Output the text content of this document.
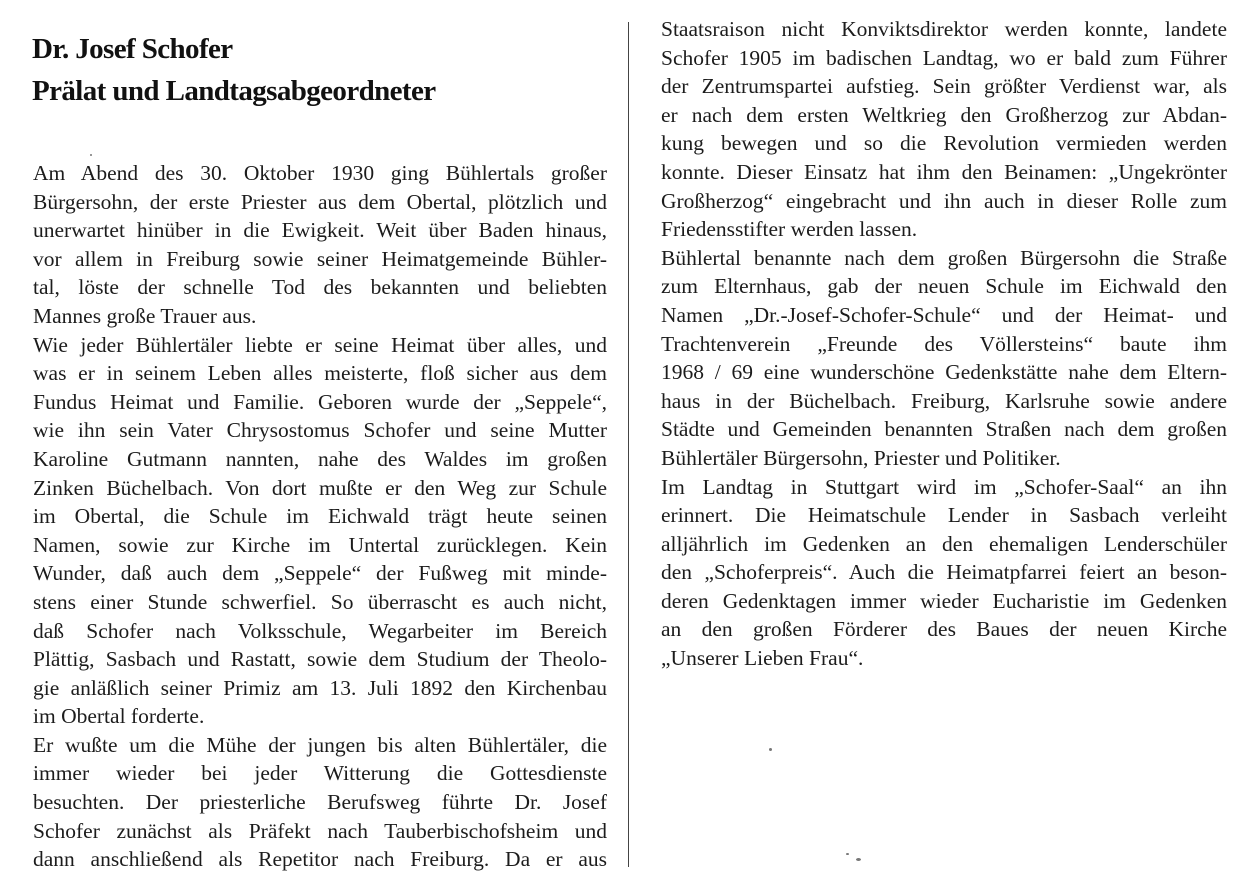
Dr. Josef Schofer
Prälat und Landtagsabgeordneter

Am Abend des 30. Oktober 1930 ging Bühlertals großer
Bürgersohn, der erste Priester aus dem Obertal, plötzlich und
unerwartet hinüber in die Ewigkeit. Weit über Baden hinaus,
vor allem in Freiburg sowie seiner Heimatgemeinde Bühler-
tal, löste der schnelle Tod des bekannten und beliebten
Mannes große Trauer aus.

Wie jeder Bühlertäler liebte er seine Heimat über alles, und
was er in seinem Leben alles meisterte, floß sicher aus dem
Fundus Heimat und Familie. Geboren wurde der „Seppele“,
wie ihn sein Vater Chrysostomus Schofer und seine Mutter
Karoline Gutmann nannten, nahe des Waldes im großen
Zinken Büchelbach. Von dort mußte er den Weg zur Schule
im Obertal, die Schule im Eichwald trägt heute seinen
Namen, sowie zur Kirche im Untertal zurücklegen. Kein
Wunder, daß auch dem „Seppele“ der Fußweg mit minde-
stens einer Stunde schwerfiel. So überrascht es auch nicht,
daß Schofer nach Volksschule, Wegarbeiter im Bereich
Plättig, Sasbach und Rastatt, sowie dem Studium der Theolo-
gie anläßlich seiner Primiz am 13. Juli 1892 den Kirchenbau
im Obertal forderte.

Er wußte um die Mühe der jungen bis alten Bühlertäler, die
immer wieder bei jeder Witterung die Gottesdienste
besuchten. Der priesterliche Berufsweg führte Dr. Josef
Schofer zunächst als Präfekt nach Tauberbischofsheim und
dann anschließend als Repetitor nach Freiburg. Da er aus

Staatsraison nicht Konviktsdirektor werden konnte, landete
Schofer 1905 im badischen Landtag, wo er bald zum Führer
der Zentrumspartei aufstieg. Sein größter Verdienst war, als
er nach dem ersten Weltkrieg den Großherzog zur Abdan-
kung bewegen und so die Revolution vermieden werden
konnte. Dieser Einsatz hat ihm den Beinamen: „Ungekrönter
Großherzog“ eingebracht und ihn auch in dieser Rolle zum
Friedensstifter werden lassen.

Bühlertal benannte nach dem großen Bürgersohn die Straße
zum Elternhaus, gab der neuen Schule im Eichwald den
Namen „Dr.-Josef-Schofer-Schule“ und der Heimat- und
Trachtenverein „Freunde des Völlersteins“ baute ihm
1968 / 69 eine wunderschöne Gedenkstätte nahe dem Eltern-
haus in der Büchelbach. Freiburg, Karlsruhe sowie andere
Städte und Gemeinden benannten Straßen nach dem großen
Bühlertäler Bürgersohn, Priester und Politiker.

Im Landtag in Stuttgart wird im „Schofer-Saal“ an ihn
erinnert. Die Heimatschule Lender in Sasbach verleiht
alljährlich im Gedenken an den ehemaligen Lenderschüler
den „Schoferpreis“. Auch die Heimatpfarrei feiert an beson-
deren Gedenktagen immer wieder Eucharistie im Gedenken
an den großen Förderer des Baues der neuen Kirche
„Unserer Lieben Frau“.
